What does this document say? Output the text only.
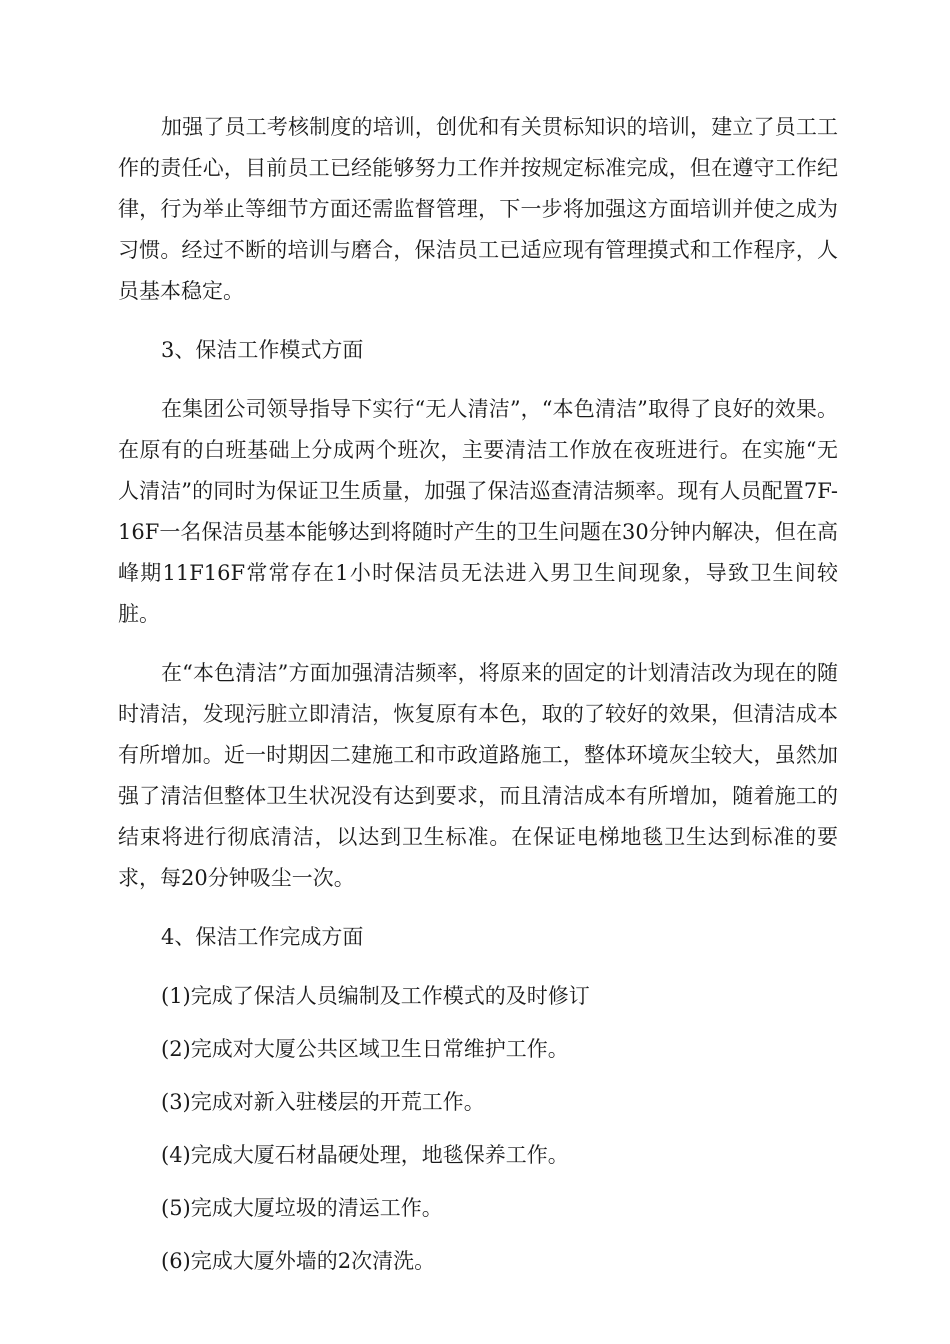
加强了员工考核制度的培训，创优和有关贯标知识的培训，建立了员工工作的责任心，目前员工已经能够努力工作并按规定标准完成，但在遵守工作纪律，行为举止等细节方面还需监督管理，下一步将加强这方面培训并使之成为习惯。经过不断的培训与磨合，保洁员工已适应现有管理摸式和工作程序，人员基本稳定。

3、保洁工作模式方面

在集团公司领导指导下实行“无人清洁”，“本色清洁”取得了良好的效果。在原有的白班基础上分成两个班次，主要清洁工作放在夜班进行。在实施“无人清洁”的同时为保证卫生质量，加强了保洁巡查清洁频率。现有人员配置7F-16F一名保洁员基本能够达到将随时产生的卫生问题在30分钟内解决，但在高峰期11F16F常常存在1小时保洁员无法进入男卫生间现象，导致卫生间较脏。

在“本色清洁”方面加强清洁频率，将原来的固定的计划清洁改为现在的随时清洁，发现污脏立即清洁，恢复原有本色，取的了较好的效果，但清洁成本有所增加。近一时期因二建施工和市政道路施工，整体环境灰尘较大，虽然加强了清洁但整体卫生状况没有达到要求，而且清洁成本有所增加，随着施工的结束将进行彻底清洁，以达到卫生标准。在保证电梯地毯卫生达到标准的要求，每20分钟吸尘一次。

4、保洁工作完成方面

(1)完成了保洁人员编制及工作模式的及时修订

(2)完成对大厦公共区域卫生日常维护工作。

(3)完成对新入驻楼层的开荒工作。

(4)完成大厦石材晶硬处理，地毯保养工作。

(5)完成大厦垃圾的清运工作。

(6)完成大厦外墙的2次清洗。
